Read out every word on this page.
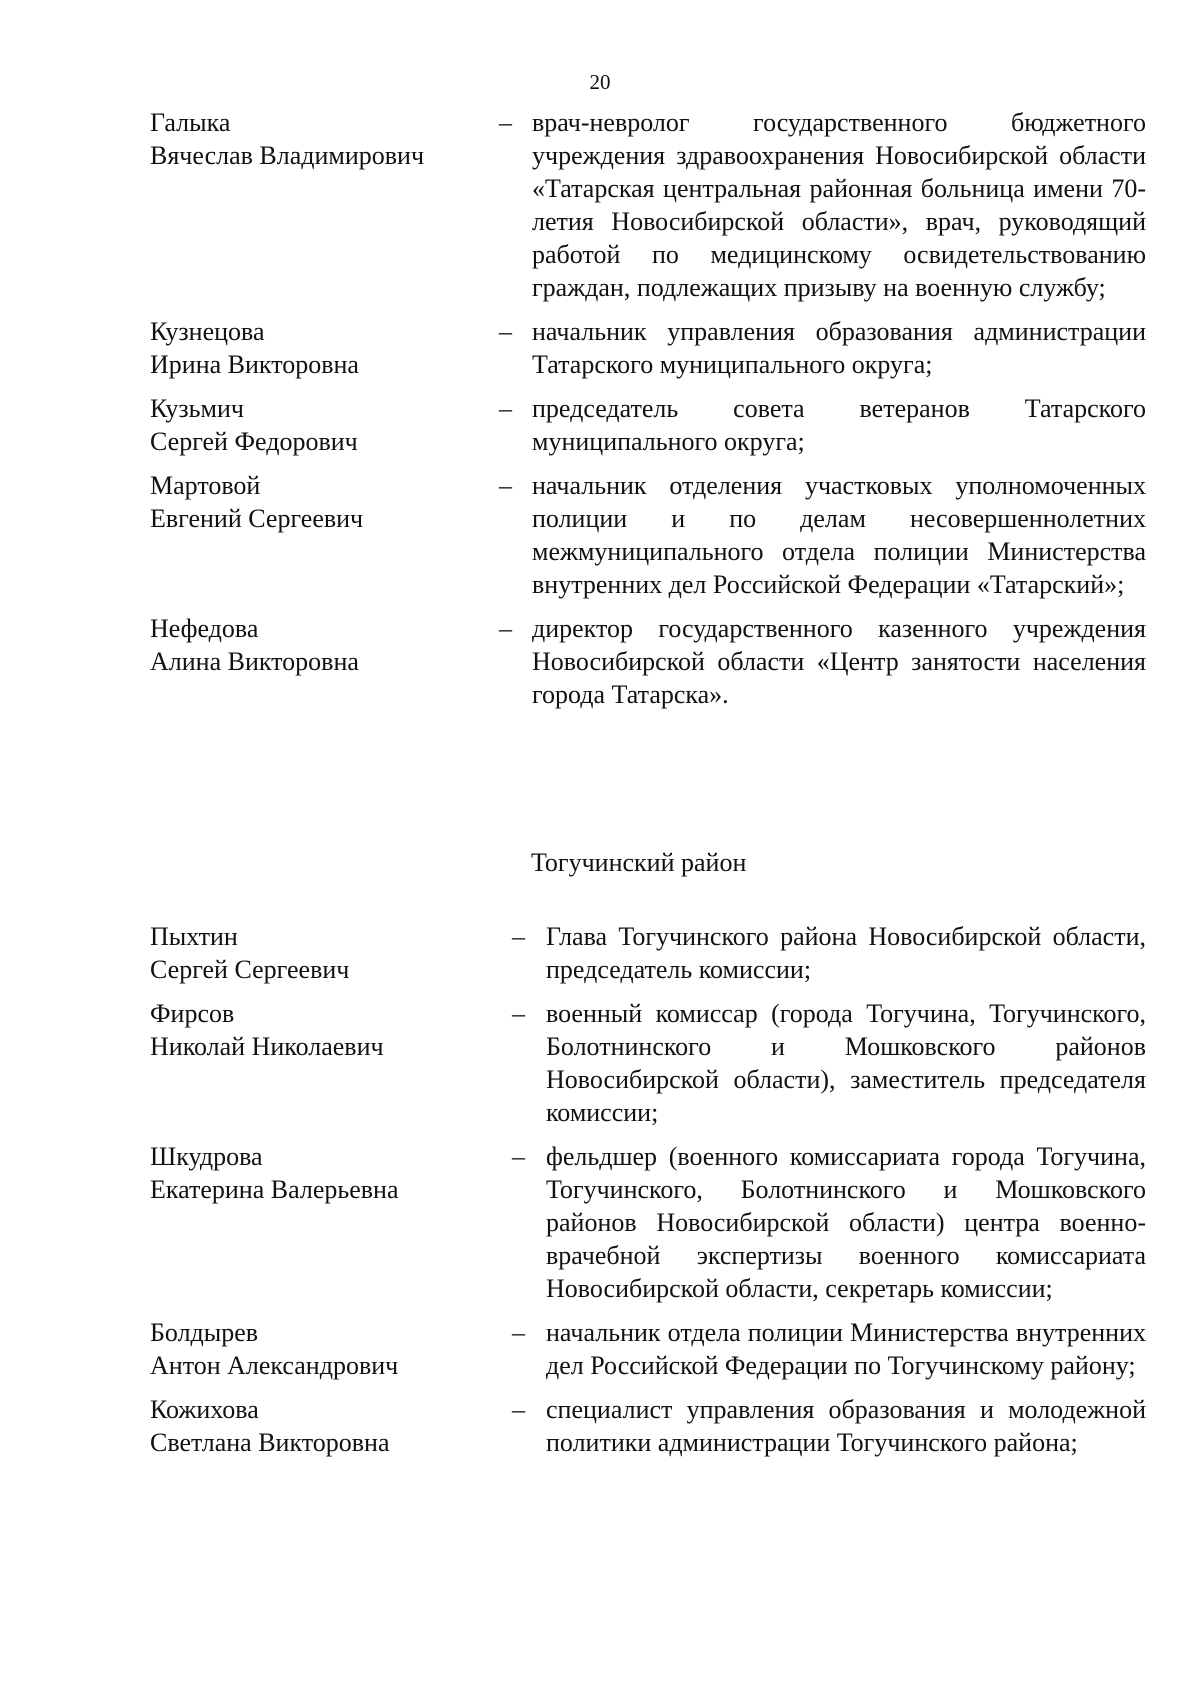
20
Галыка
Вячеслав Владимирович
– врач-невролог государственного бюджетного учреждения здравоохранения Новосибирской области «Татарская центральная районная больница имени 70-летия Новосибирской области», врач, руководящий работой по медицинскому освидетельствованию граждан, подлежащих призыву на военную службу;
Кузнецова
Ирина Викторовна
– начальник управления образования администрации Татарского муниципального округа;
Кузьмич
Сергей Федорович
– председатель совета ветеранов Татарского муниципального округа;
Мартовой
Евгений Сергеевич
– начальник отделения участковых уполномоченных полиции и по делам несовершеннолетних межмуниципального отдела полиции Министерства внутренних дел Российской Федерации «Татарский»;
Нефедова
Алина Викторовна
– директор государственного казенного учреждения Новосибирской области «Центр занятости населения города Татарска».
Тогучинский район
Пыхтин
Сергей Сергеевич
– Глава Тогучинского района Новосибирской области, председатель комиссии;
Фирсов
Николай Николаевич
– военный комиссар (города Тогучина, Тогучинского, Болотнинского и Мошковского районов Новосибирской области), заместитель председателя комиссии;
Шкудрова
Екатерина Валерьевна
– фельдшер (военного комиссариата города Тогучина, Тогучинского, Болотнинского и Мошковского районов Новосибирской области) центра военно-врачебной экспертизы военного комиссариата Новосибирской области, секретарь комиссии;
Болдырев
Антон Александрович
– начальник отдела полиции Министерства внутренних дел Российской Федерации по Тогучинскому району;
Кожихова
Светлана Викторовна
– специалист управления образования и молодежной политики администрации Тогучинского района;
